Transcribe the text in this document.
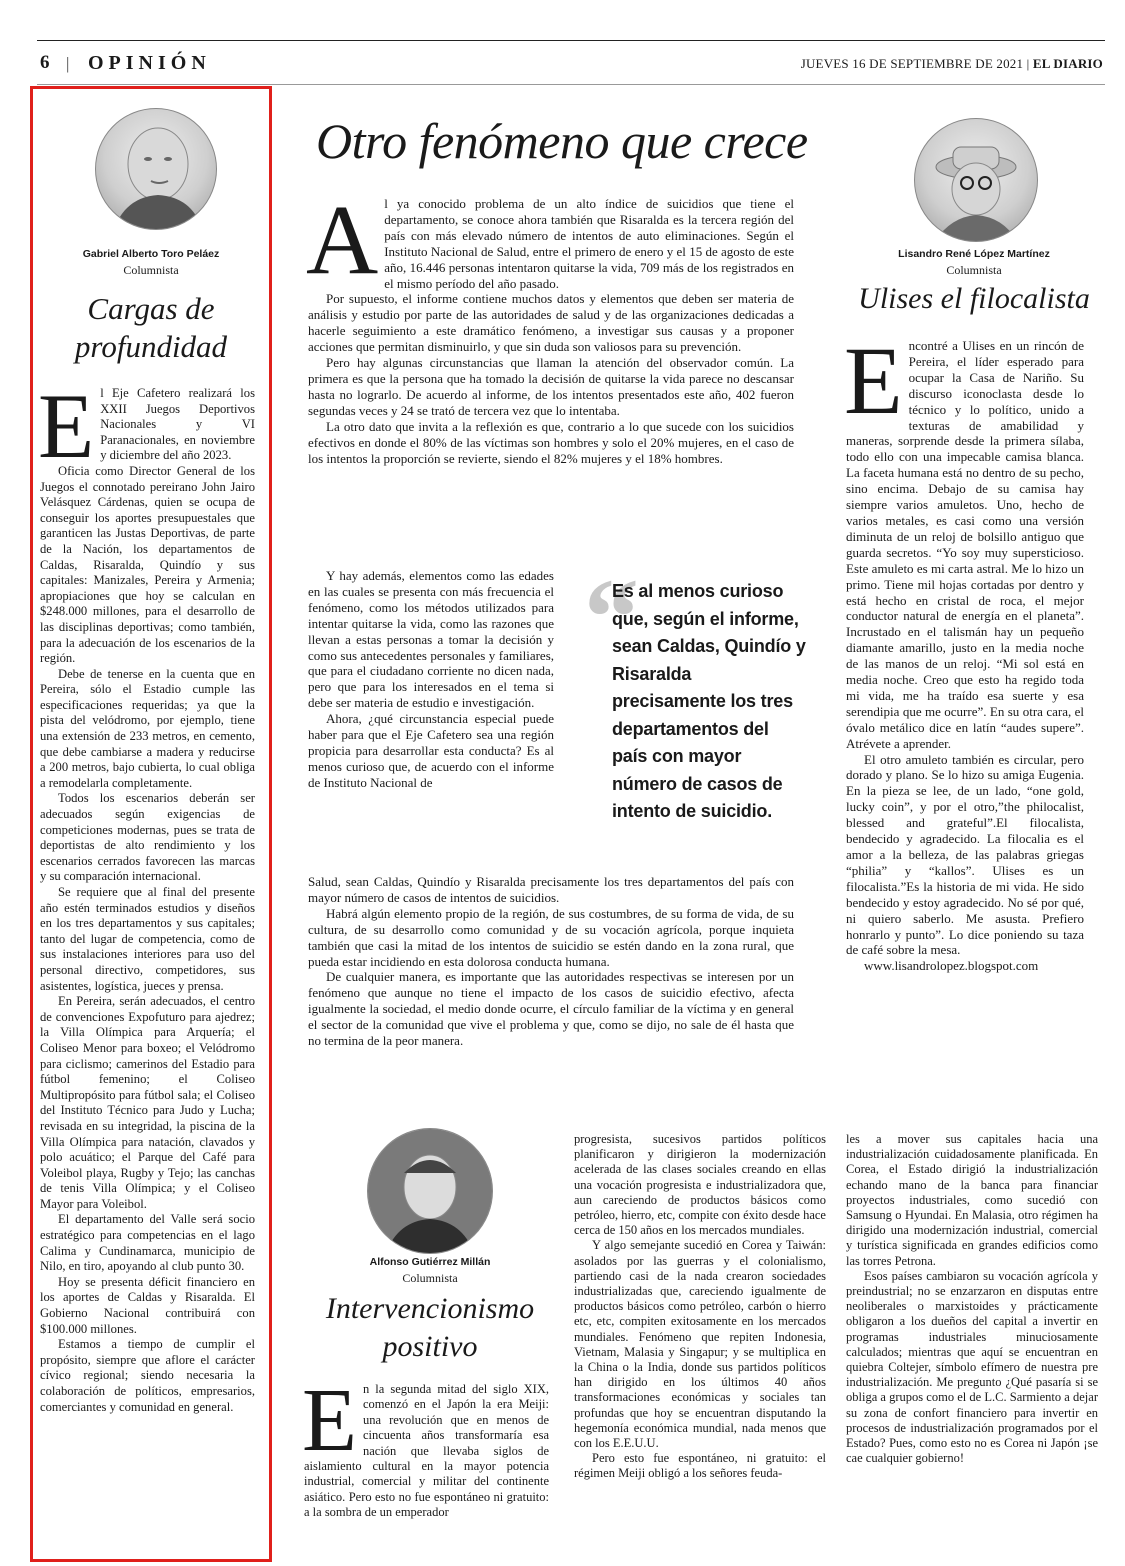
6 | OPINIÓN	JUEVES 16 DE SEPTIEMBRE DE 2021 | EL DIARIO
Gabriel Alberto Toro Peláez
Columnista
Cargas de
profundidad

El Eje Cafetero realizará los XXII Juegos Deportivos Nacionales y VI Paranacionales, en noviembre y diciembre del año 2023.

Oficia como Director General de los Juegos el connotado pereirano John Jairo Velásquez Cárdenas, quien se ocupa de conseguir los aportes presupuestales que garanticen las Justas Deportivas, de parte de la Nación, los departamentos de Caldas, Risaralda, Quindío y sus capitales: Manizales, Pereira y Armenia; apropiaciones que hoy se calculan en $248.000 millones, para el desarrollo de las disciplinas deportivas; como también, para la adecuación de los escenarios de la región.

Debe de tenerse en la cuenta que en Pereira, sólo el Estadio cumple las especificaciones requeridas; ya que la pista del velódromo, por ejemplo, tiene una extensión de 233 metros, en cemento, que debe cambiarse a madera y reducirse a 200 metros, bajo cubierta, lo cual obliga a remodelarla completamente.

Todos los escenarios deberán ser adecuados según exigencias de competiciones modernas, pues se trata de deportistas de alto rendimiento y los escenarios cerrados favorecen las marcas y su comparación internacional.

Se requiere que al final del presente año estén terminados estudios y diseños en los tres departamentos y sus capitales; tanto del lugar de competencia, como de sus instalaciones interiores para uso del personal directivo, competidores, sus asistentes, logística, jueces y prensa.

En Pereira, serán adecuados, el centro de convenciones Expofuturo para ajedrez; la Villa Olímpica para Arquería; el Coliseo Menor para boxeo; el Velódromo para ciclismo; camerinos del Estadio para fútbol femenino; el Coliseo Multipropósito para fútbol sala; el Coliseo del Instituto Técnico para Judo y Lucha; revisada en su integridad, la piscina de la Villa Olímpica para natación, clavados y polo acuático; el Parque del Café para Voleibol playa, Rugby y Tejo; las canchas de tenis Villa Olímpica; y el Coliseo Mayor para Voleibol.

El departamento del Valle será socio estratégico para competencias en el lago Calima y Cundinamarca, municipio de Nilo, en tiro, apoyando al club punto 30.

Hoy se presenta déficit financiero en los aportes de Caldas y Risaralda. El Gobierno Nacional contribuirá con $100.000 millones.

Estamos a tiempo de cumplir el propósito, siempre que aflore el carácter cívico regional; siendo necesaria la colaboración de políticos, empresarios, comerciantes y comunidad en general.

Otro fenómeno que crece

Al ya conocido problema de un alto índice de suicidios que tiene el departamento, se conoce ahora también que Risaralda es la tercera región del país con más elevado número de intentos de auto eliminaciones. Según el Instituto Nacional de Salud, entre el primero de enero y el 15 de agosto de este año, 16.446 personas intentaron quitarse la vida, 709 más de los registrados en el mismo período del año pasado.

Por supuesto, el informe contiene muchos datos y elementos que deben ser materia de análisis y estudio por parte de las autoridades de salud y de las organizaciones dedicadas a hacerle seguimiento a este dramático fenómeno, a investigar sus causas y a proponer acciones que permitan disminuirlo, y que sin duda son valiosos para su prevención.

Pero hay algunas circunstancias que llaman la atención del observador común. La primera es que la persona que ha tomado la decisión de quitarse la vida parece no descansar hasta no lograrlo. De acuerdo al informe, de los intentos presentados este año, 402 fueron segundas veces y 24 se trató de tercera vez que lo intentaba.

La otro dato que invita a la reflexión es que, contrario a lo que sucede con los suicidios efectivos en donde el 80% de las víctimas son hombres y solo el 20% mujeres, en el caso de los intentos la proporción se revierte, siendo el 82% mujeres y el 18% hombres.

Y hay además, elementos como las edades en las cuales se presenta con más frecuencia el fenómeno, como los métodos utilizados para intentar quitarse la vida, como las razones que llevan a estas personas a tomar la decisión y como sus antecedentes personales y familiares, que para el ciudadano corriente no dicen nada, pero que para los interesados en el tema si debe ser materia de estudio e investigación.

Ahora, ¿qué circunstancia especial puede haber para que el Eje Cafetero sea una región propicia para desarrollar esta conducta? Es al menos curioso que, de acuerdo con el informe de Instituto Nacional de

“
Es al menos curioso que, según el informe, sean Caldas, Quindío y Risaralda precisamente los tres departamentos del país con mayor número de casos de intento de suicidio.

Salud, sean Caldas, Quindío y Risaralda precisamente los tres departamentos del país con mayor número de casos de intentos de suicidios.

Habrá algún elemento propio de la región, de sus costumbres, de su forma de vida, de su cultura, de su desarrollo como comunidad y de su vocación agrícola, porque inquieta también que casi la mitad de los intentos de suicidio se estén dando en la zona rural, que pueda estar incidiendo en esta dolorosa conducta humana.

De cualquier manera, es importante que las autoridades respectivas se interesen por un fenómeno que aunque no tiene el impacto de los casos de suicidio efectivo, afecta igualmente la sociedad, el medio donde ocurre, el círculo familiar de la víctima y en general el sector de la comunidad que vive el problema y que, como se dijo, no sale de él hasta que no termina de la peor manera.

Lisandro René López Martínez
Columnista
Ulises el filocalista

Encontré a Ulises en un rincón de Pereira, el líder esperado para ocupar la Casa de Nariño. Su discurso iconoclasta desde lo técnico y lo político, unido a texturas de amabilidad y maneras, sorprende desde la primera sílaba, todo ello con una impecable camisa blanca. La faceta humana está no dentro de su pecho, sino encima. Debajo de su camisa hay siempre varios amuletos. Uno, hecho de varios metales, es casi como una versión diminuta de un reloj de bolsillo antiguo que guarda secretos. “Yo soy muy supersticioso. Este amuleto es mi carta astral. Me lo hizo un primo. Tiene mil hojas cortadas por dentro y está hecho en cristal de roca, el mejor conductor natural de energía en el planeta”. Incrustado en el talismán hay un pequeño diamante amarillo, justo en la media noche de las manos de un reloj. “Mi sol está en media noche. Creo que esto ha regido toda mi vida, me ha traído esa suerte y esa serendipia que me ocurre”. En su otra cara, el óvalo metálico dice en latín “audes supere”. Atrévete a aprender.

El otro amuleto también es circular, pero dorado y plano. Se lo hizo su amiga Eugenia. En la pieza se lee, de un lado, “one gold, lucky coin”, y por el otro,”the philocalist, blessed and grateful”.El filocalista, bendecido y agradecido. La filocalia es el amor a la belleza, de las palabras griegas “philia” y “kallos”. Ulises es un filocalista.”Es la historia de mi vida. He sido bendecido y estoy agradecido. No sé por qué, ni quiero saberlo. Me asusta. Prefiero honrarlo y punto”. Lo dice poniendo su taza de café sobre la mesa.

www.lisandrolopez.blogspot.com

Alfonso Gutiérrez Millán
Columnista
Intervencionismo
positivo

En la segunda mitad del siglo XIX, comenzó en el Japón la era Meiji: una revolución que en menos de cincuenta años transformaría esa nación que llevaba siglos de aislamiento cultural en la mayor potencia industrial, comercial y militar del continente asiático. Pero esto no fue espontáneo ni gratuito: a la sombra de un emperador

progresista, sucesivos partidos políticos planificaron y dirigieron la modernización acelerada de las clases sociales creando en ellas una vocación progresista e industrializadora que, aun careciendo de productos básicos como petróleo, hierro, etc, compite con éxito desde hace cerca de 150 años en los mercados mundiales.

Y algo semejante sucedió en Corea y Taiwán: asolados por las guerras y el colonialismo, partiendo casi de la nada crearon sociedades industrializadas que, careciendo igualmente de productos básicos como petróleo, carbón o hierro etc, etc, compiten exitosamente en los mercados mundiales. Fenómeno que repiten Indonesia, Vietnam, Malasia y Singapur; y se multiplica en la China o la India, donde sus partidos políticos han dirigido en los últimos 40 años transformaciones económicas y sociales tan profundas que hoy se encuentran disputando la hegemonía económica mundial, nada menos que con los E.E.U.U.

Pero esto fue espontáneo, ni gratuito: el régimen Meiji obligó a los señores feuda-

les a mover sus capitales hacia una industrialización cuidadosamente planificada. En Corea, el Estado dirigió la industrialización echando mano de la banca para financiar proyectos industriales, como sucedió con Samsung o Hyundai. En Malasia, otro régimen ha dirigido una modernización industrial, comercial y turística significada en grandes edificios como las torres Petrona.

Esos países cambiaron su vocación agrícola y preindustrial; no se enzarzaron en disputas entre neoliberales o marxistoides y prácticamente obligaron a los dueños del capital a invertir en programas industriales minuciosamente calculados; mientras que aquí se encuentran en quiebra Coltejer, símbolo efímero de nuestra pre industrialización. Me pregunto ¿Qué pasaría si se obliga a grupos como el de L.C. Sarmiento a dejar su zona de confort financiero para invertir en procesos de industrialización programados por el Estado? Pues, como esto no es Corea ni Japón ¡se cae cualquier gobierno!
